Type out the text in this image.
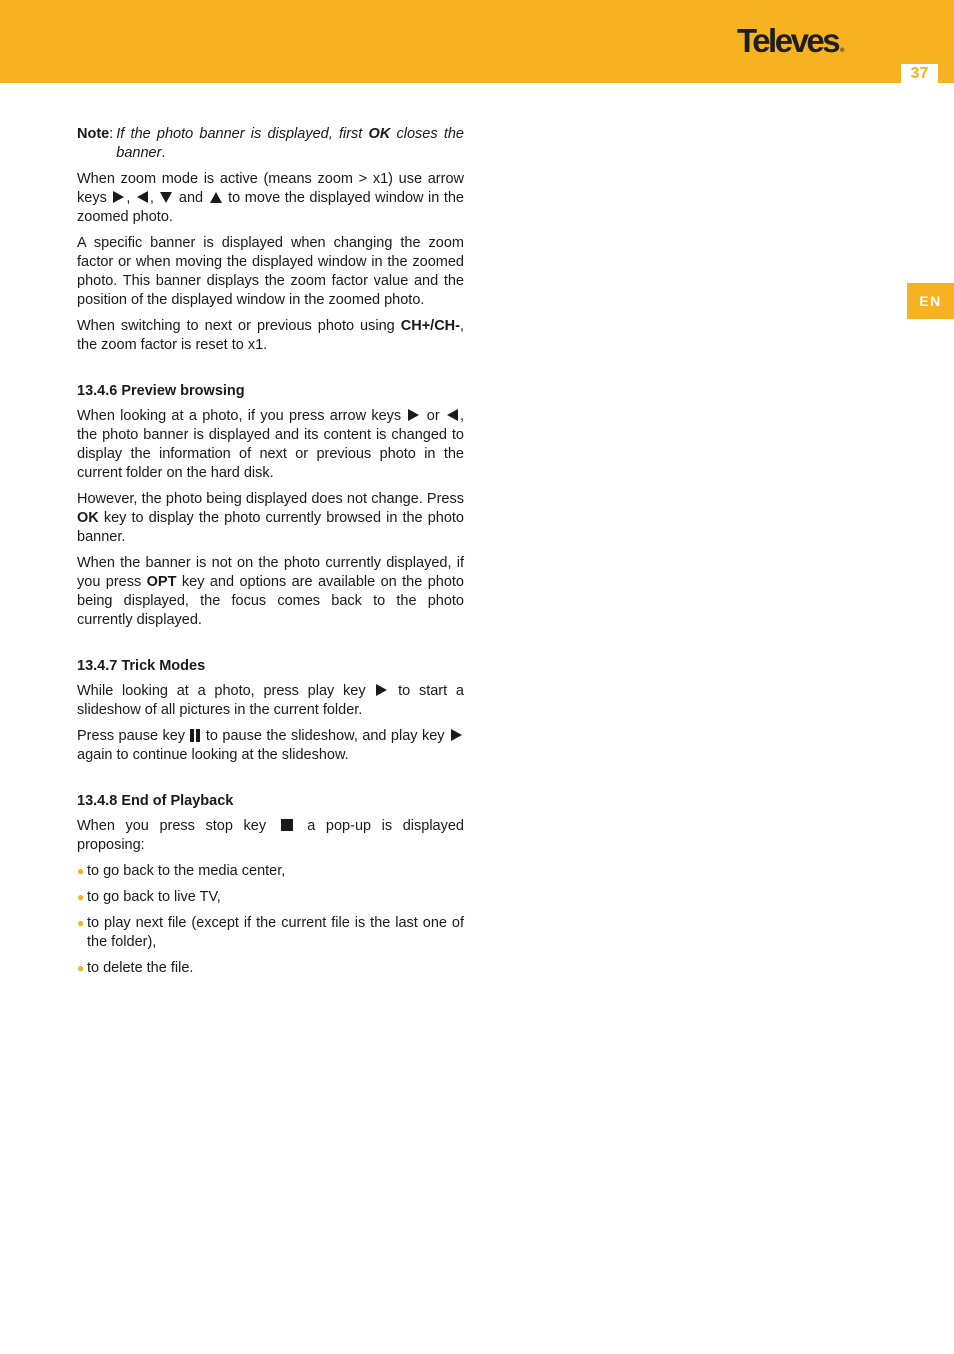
Televes ®
37
EN
Note: If the photo banner is displayed, first OK closes the banner.

When zoom mode is active (means zoom > x1) use arrow keys , ,  and  to move the displayed window in the zoomed photo.

A specific banner is displayed when changing the zoom factor or when moving the displayed window in the zoomed photo. This banner displays the zoom factor value and the position of the displayed window in the zoomed photo.

When switching to next or previous photo using CH+/CH-, the zoom factor is reset to x1.

13.4.6 Preview browsing

When looking at a photo, if you press arrow keys  or , the photo banner is displayed and its content is changed to display the information of next or previous photo in the current folder on the hard disk.

However, the photo being displayed does not change. Press OK key to display the photo currently browsed in the photo banner.

When the banner is not on the photo currently displayed, if you press OPT key and options are available on the photo being displayed, the focus comes back to the photo currently displayed.

13.4.7 Trick Modes

While looking at a photo, press play key  to start a slideshow of all pictures in the current folder.

Press pause key  to pause the slideshow, and play key  again to continue looking at the slideshow.

13.4.8 End of Playback

When you press stop key  a pop-up is displayed proposing:

● to go back to the media center,
● to go back to live TV,
● to play next file (except if the current file is the last one of the folder),
● to delete the file.
